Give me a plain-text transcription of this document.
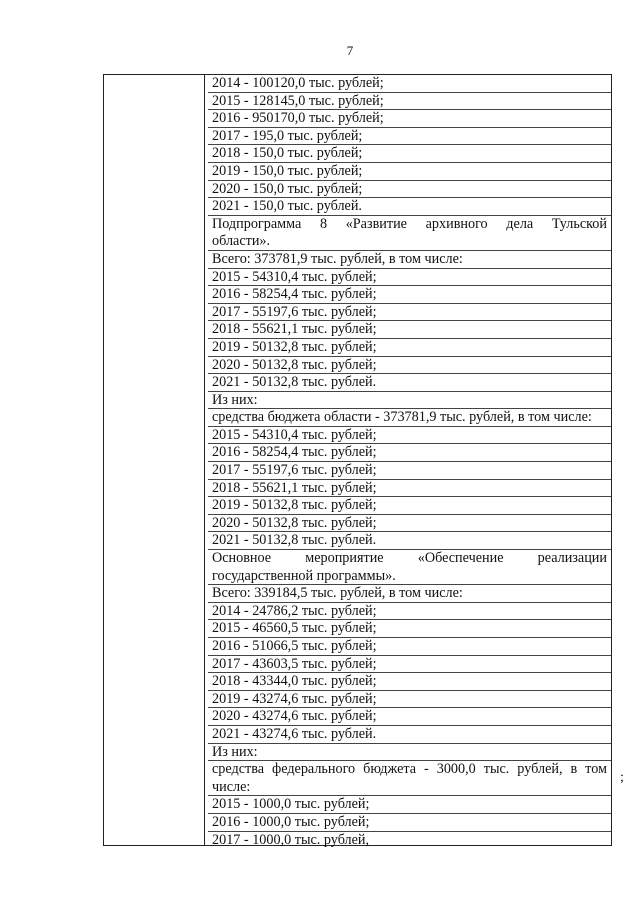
7
2014 - 100120,0 тыс. рублей;
2015 - 128145,0 тыс. рублей;
2016 - 950170,0 тыс. рублей;
2017 - 195,0 тыс. рублей;
2018 - 150,0 тыс. рублей;
2019 - 150,0 тыс. рублей;
2020 - 150,0 тыс. рублей;
2021 - 150,0 тыс. рублей.
Подпрограмма 8 «Развитие архивного дела Тульской
области».
Всего: 373781,9 тыс. рублей, в том числе:
2015 - 54310,4 тыс. рублей;
2016 - 58254,4 тыс. рублей;
2017 - 55197,6 тыс. рублей;
2018 - 55621,1 тыс. рублей;
2019 - 50132,8 тыс. рублей;
2020 - 50132,8 тыс. рублей;
2021 - 50132,8 тыс. рублей.
Из них:
средства бюджета области - 373781,9 тыс. рублей, в том числе:
2015 - 54310,4 тыс. рублей;
2016 - 58254,4 тыс. рублей;
2017 - 55197,6 тыс. рублей;
2018 - 55621,1 тыс. рублей;
2019 - 50132,8 тыс. рублей;
2020 - 50132,8 тыс. рублей;
2021 - 50132,8 тыс. рублей.
Основное мероприятие «Обеспечение реализации
государственной программы».
Всего: 339184,5 тыс. рублей, в том числе:
2014 - 24786,2 тыс. рублей;
2015 - 46560,5 тыс. рублей;
2016 - 51066,5 тыс. рублей;
2017 - 43603,5 тыс. рублей;
2018 - 43344,0 тыс. рублей;
2019 - 43274,6 тыс. рублей;
2020 - 43274,6 тыс. рублей;
2021 - 43274,6 тыс. рублей.
Из них:
средства федерального бюджета - 3000,0 тыс. рублей, в том
числе:
2015 - 1000,0 тыс. рублей;
2016 - 1000,0 тыс. рублей;
2017 - 1000,0 тыс. рублей,
;
